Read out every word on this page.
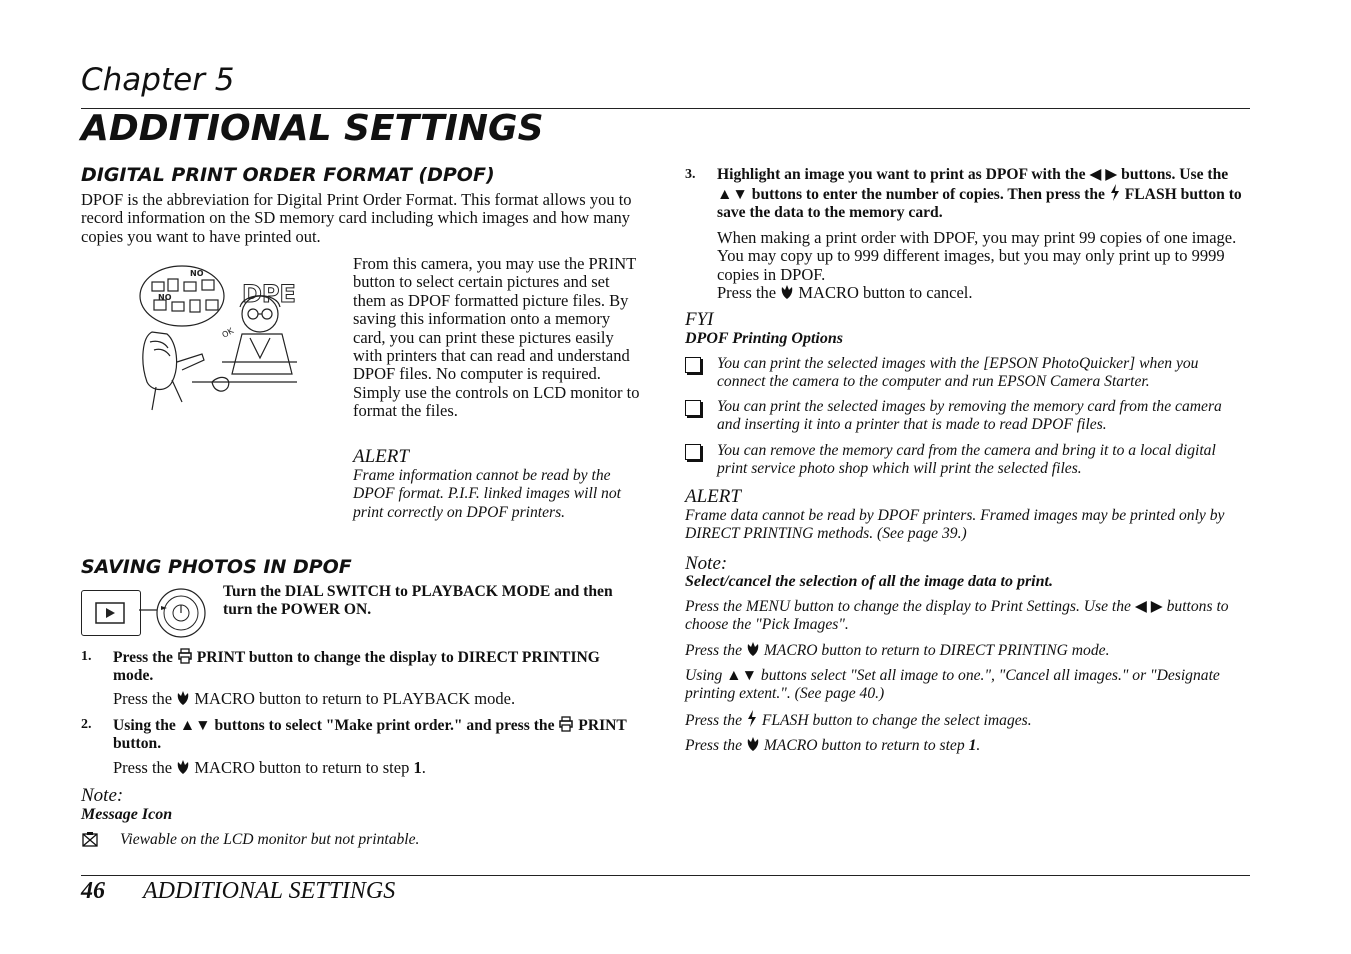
Chapter 5
ADDITIONAL SETTINGS
DIGITAL PRINT ORDER FORMAT (DPOF)
DPOF is the abbreviation for Digital Print Order Format. This format allows you to record information on the SD memory card including which images and how many copies you want to have printed out.
NO
NO
OK
DPE
From this camera, you may use the PRINT button to select certain pictures and set them as DPOF formatted picture files. By saving this information onto a memory card, you can print these pictures easily with printers that can read and understand DPOF files. No computer is required. Simply use the controls on LCD monitor to format the files.
ALERT
Frame information cannot be read by the DPOF format. P.I.F. linked images will not print correctly on DPOF printers.
SAVING PHOTOS IN DPOF
Turn the DIAL SWITCH to PLAYBACK MODE and then turn the POWER ON.
1. Press the  PRINT button to change the display to DIRECT PRINTING mode.
Press the  MACRO button to return to PLAYBACK mode.
2. Using the ▲▼ buttons to select "Make print order." and press the  PRINT button.
Press the  MACRO button to return to step 1.
Note:
Message Icon
Viewable on the LCD monitor but not printable.
3. Highlight an image you want to print as DPOF with the ◀ ▶ buttons. Use the ▲▼ buttons to enter the number of copies. Then press the  FLASH button to save the data to the memory card.
When making a print order with DPOF, you may print 99 copies of one image. You may copy up to 999 different images, but you may only print up to 9999 copies in DPOF.
Press the  MACRO button to cancel.
FYI
DPOF Printing Options
You can print the selected images with the [EPSON PhotoQuicker] when you connect the camera to the computer and run EPSON Camera Starter.
You can print the selected images by removing the memory card from the camera and inserting it into a printer that is made to read DPOF files.
You can remove the memory card from the camera and bring it to a local digital print service photo shop which will print the selected files.
ALERT
Frame data cannot be read by DPOF printers. Framed images may be printed only by DIRECT PRINTING methods. (See page 39.)
Note:
Select/cancel the selection of all the image data to print.
Press the MENU button to change the display to Print Settings. Use the ◀ ▶ buttons to choose the "Pick Images".
Press the  MACRO button to return to DIRECT PRINTING mode.
Using ▲▼ buttons select "Set all image to one.", "Cancel all images." or "Designate printing extent.". (See page 40.)
Press the  FLASH button to change the select images.
Press the  MACRO button to return to step 1.
46 ADDITIONAL SETTINGS
